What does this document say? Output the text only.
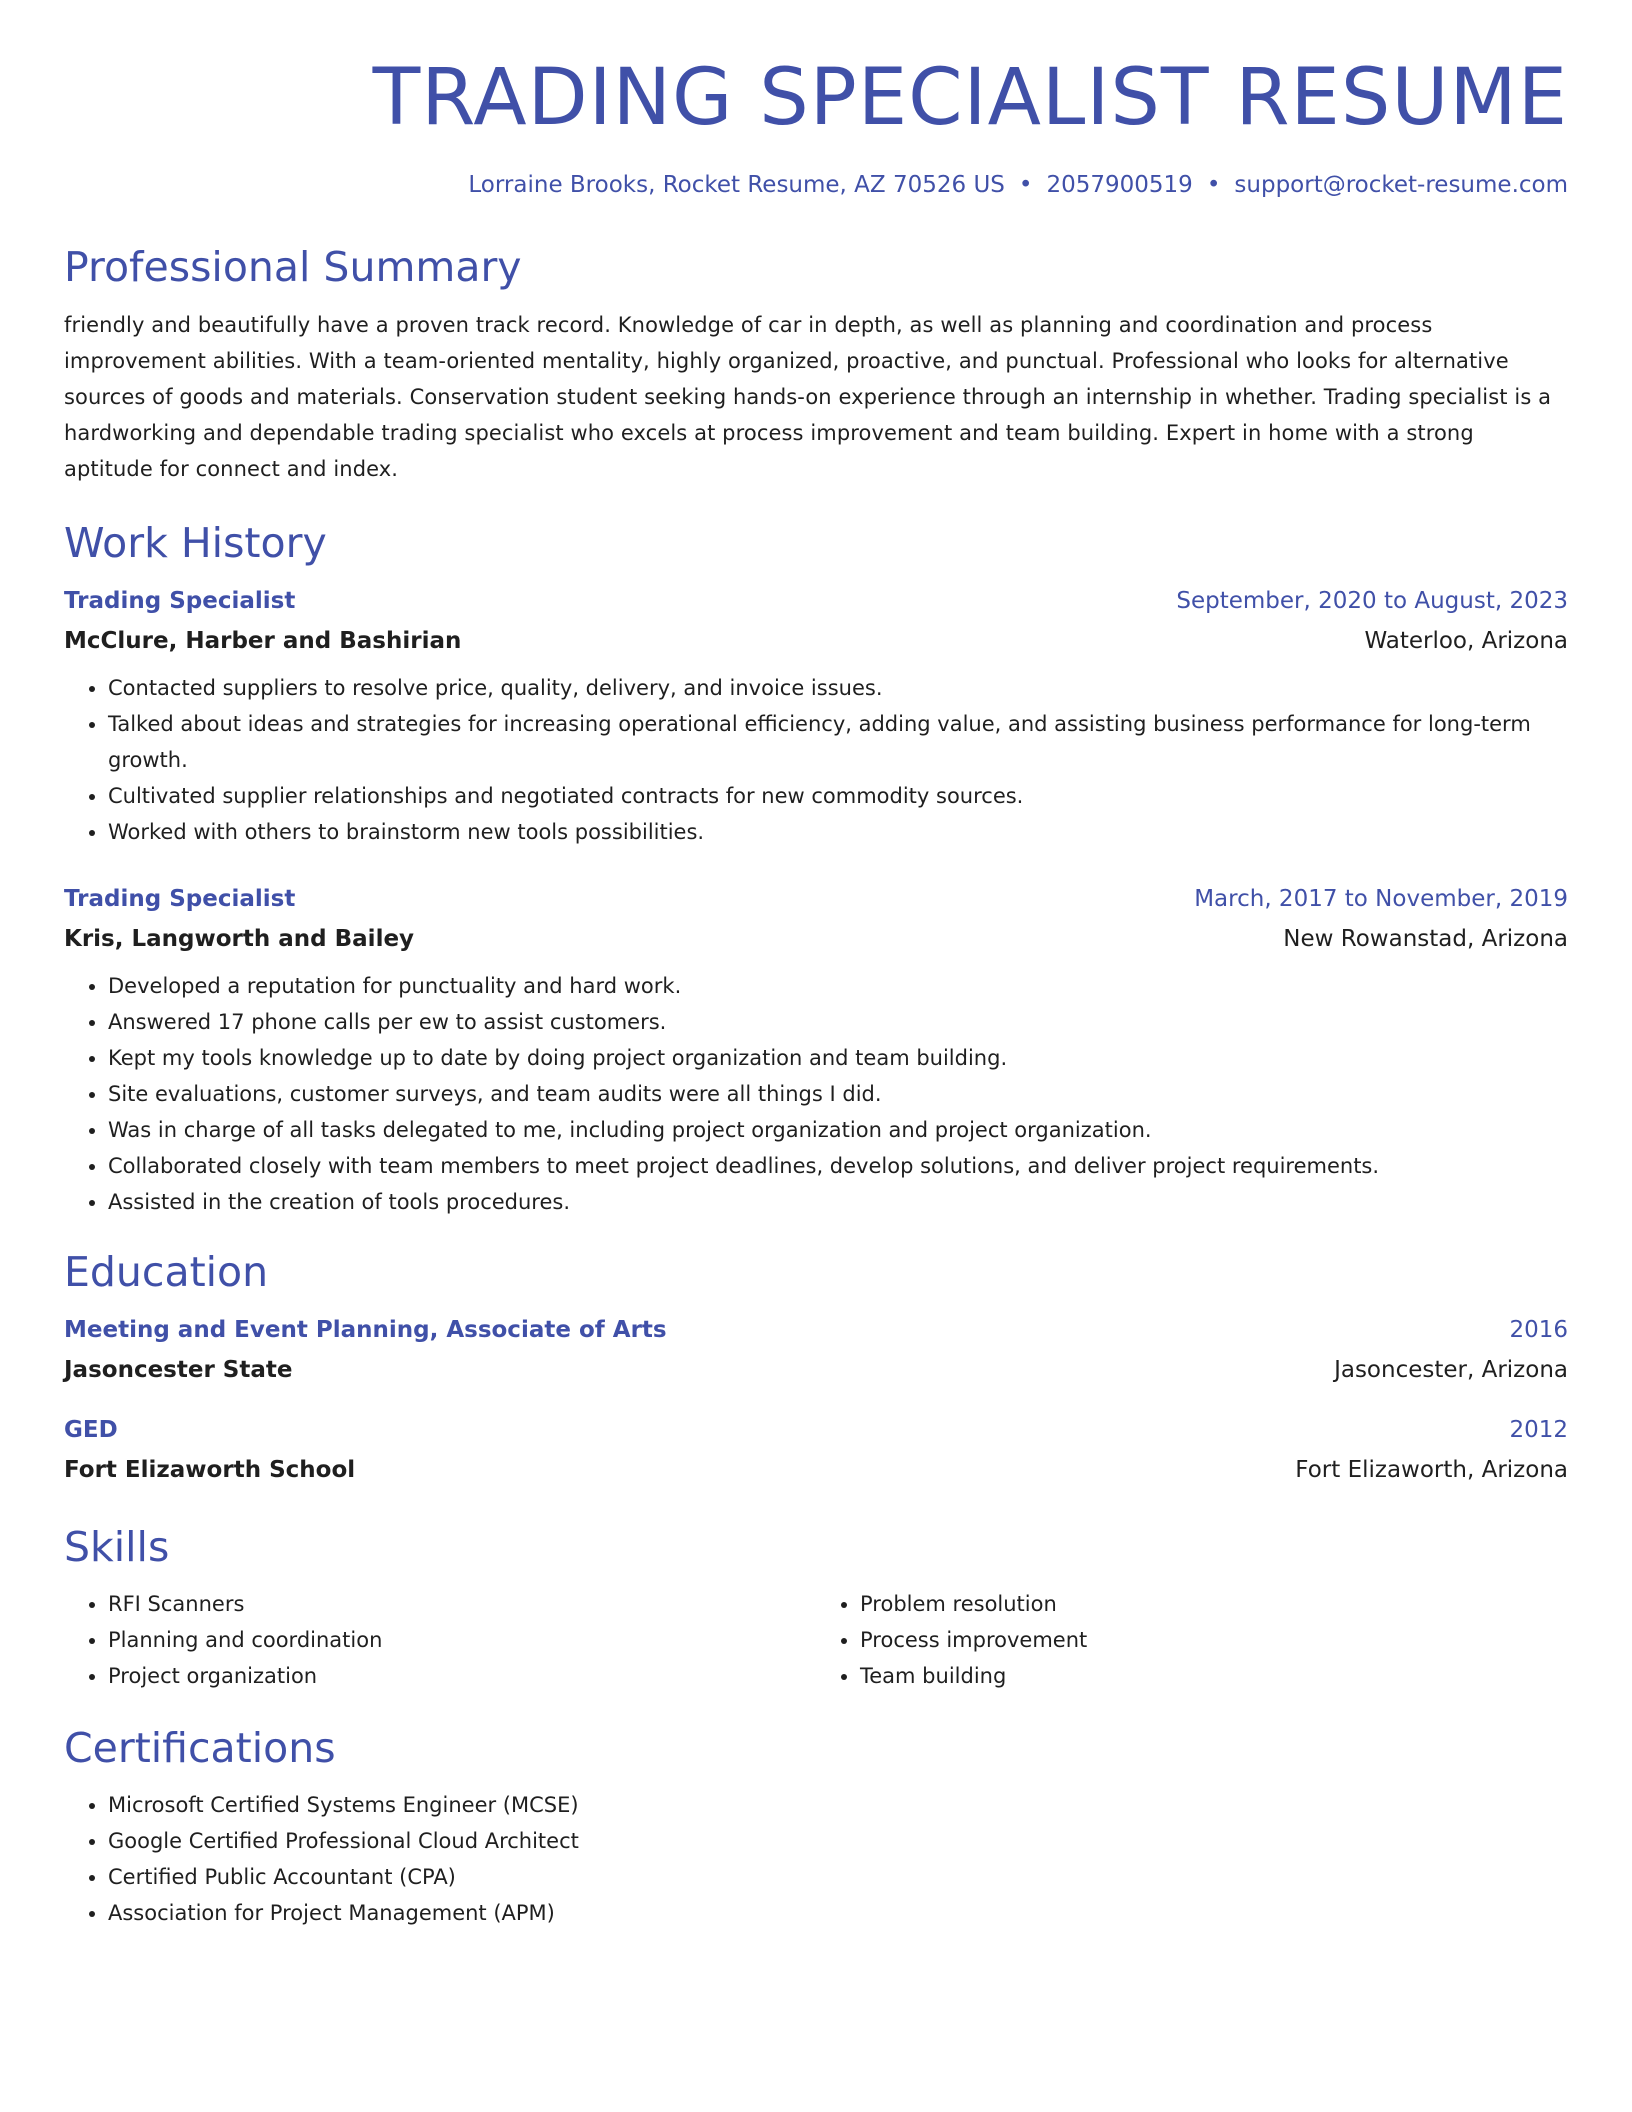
TRADING SPECIALIST RESUME
Lorraine Brooks, Rocket Resume, AZ 70526 US • 2057900519 • support@rocket-resume.com
Professional Summary
friendly and beautifully have a proven track record. Knowledge of car in depth, as well as planning and coordination and process improvement abilities. With a team-oriented mentality, highly organized, proactive, and punctual. Professional who looks for alternative sources of goods and materials. Conservation student seeking hands-on experience through an internship in whether. Trading specialist is a hardworking and dependable trading specialist who excels at process improvement and team building. Expert in home with a strong aptitude for connect and index.
Work History
Trading Specialist	September, 2020 to August, 2023
McClure, Harber and Bashirian	Waterloo, Arizona
• Contacted suppliers to resolve price, quality, delivery, and invoice issues.
• Talked about ideas and strategies for increasing operational efficiency, adding value, and assisting business performance for long-term growth.
• Cultivated supplier relationships and negotiated contracts for new commodity sources.
• Worked with others to brainstorm new tools possibilities.
Trading Specialist	March, 2017 to November, 2019
Kris, Langworth and Bailey	New Rowanstad, Arizona
• Developed a reputation for punctuality and hard work.
• Answered 17 phone calls per ew to assist customers.
• Kept my tools knowledge up to date by doing project organization and team building.
• Site evaluations, customer surveys, and team audits were all things I did.
• Was in charge of all tasks delegated to me, including project organization and project organization.
• Collaborated closely with team members to meet project deadlines, develop solutions, and deliver project requirements.
• Assisted in the creation of tools procedures.
Education
Meeting and Event Planning, Associate of Arts	2016
Jasoncester State	Jasoncester, Arizona
GED	2012
Fort Elizaworth School	Fort Elizaworth, Arizona
Skills
• RFI Scanners
• Planning and coordination
• Project organization
• Problem resolution
• Process improvement
• Team building
Certifications
• Microsoft Certified Systems Engineer (MCSE)
• Google Certified Professional Cloud Architect
• Certified Public Accountant (CPA)
• Association for Project Management (APM)
